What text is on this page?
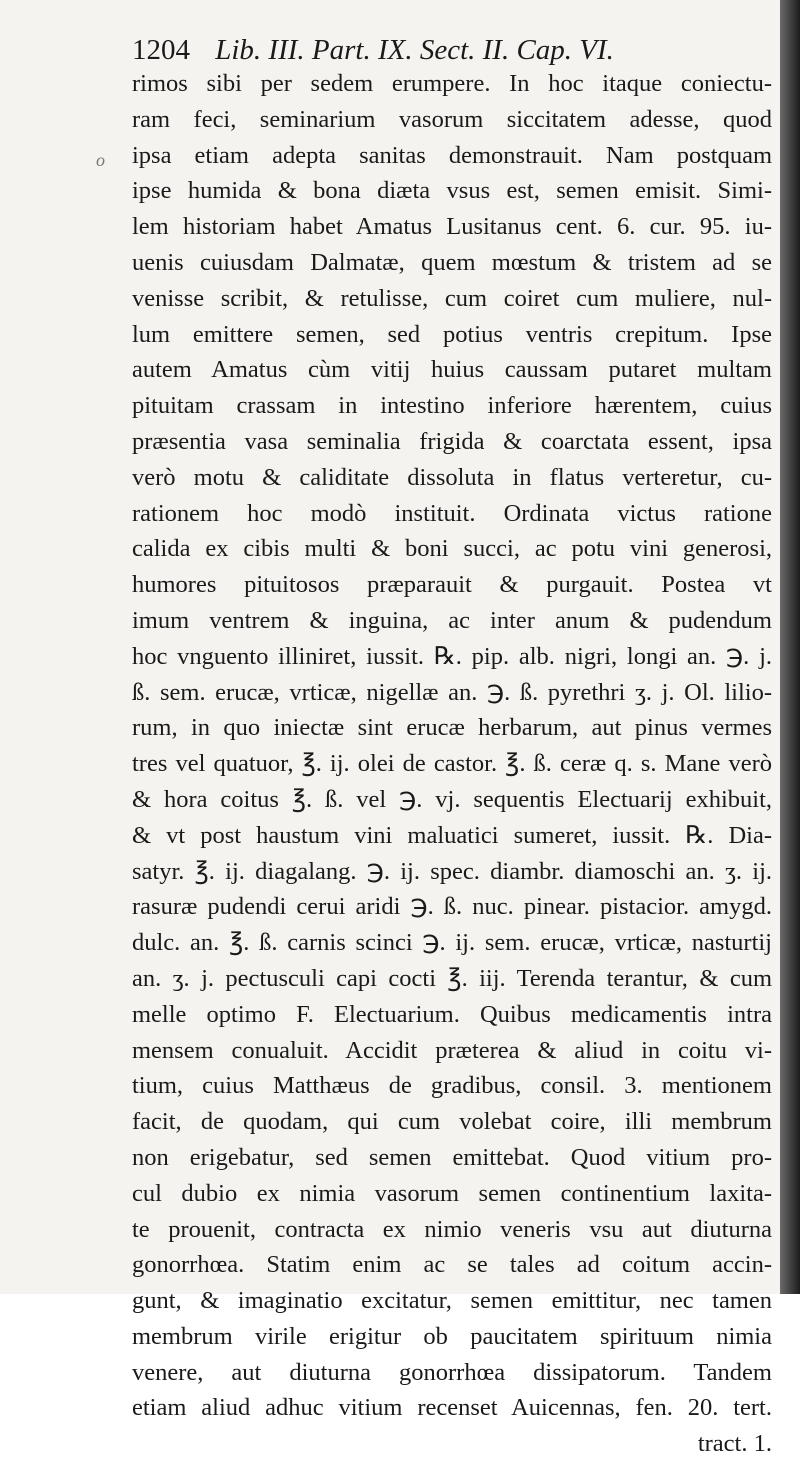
1204 Lib. III. Part. IX. Sect. II. Cap. VI.
o
rimos sibi per sedem erumpere. In hoc itaque coniectu-
ram feci, seminarium vasorum siccitatem adesse, quod
ipsa etiam adepta sanitas demonstrauit. Nam postquam
ipse humida & bona diæta vsus est, semen emisit. Simi-
lem historiam habet Amatus Lusitanus cent. 6. cur. 95. iu-
uenis cuiusdam Dalmatæ, quem mœstum & tristem ad se
venisse scribit, & retulisse, cum coiret cum muliere, nul-
lum emittere semen, sed potius ventris crepitum. Ipse
autem Amatus cùm vitij huius caussam putaret multam
pituitam crassam in intestino inferiore hærentem, cuius
præsentia vasa seminalia frigida & coarctata essent, ipsa
verò motu & caliditate dissoluta in flatus verteretur, cu-
rationem hoc modò instituit. Ordinata victus ratione
calida ex cibis multi & boni succi, ac potu vini generosi,
humores pituitosos præparauit & purgauit. Postea vt
imum ventrem & inguina, ac inter anum & pudendum
hoc vnguento illiniret, iussit. ℞. pip. alb. nigri, longi an. ℈. j.
ß. sem. erucæ, vrticæ, nigellæ an. ℈. ß. pyrethri ʒ. j. Ol. lilio-
rum, in quo iniectæ sint erucæ herbarum, aut pinus vermes
tres vel quatuor, ℥. ij. olei de castor. ℥. ß. ceræ q. s. Mane verò
& hora coitus ℥. ß. vel ℈. vj. sequentis Electuarij exhibuit,
& vt post haustum vini maluatici sumeret, iussit. ℞. Dia-
satyr. ℥. ij. diagalang. ℈. ij. spec. diambr. diamoschi an. ʒ. ij.
rasuræ pudendi cerui aridi ℈. ß. nuc. pinear. pistacior. amygd.
dulc. an. ℥. ß. carnis scinci ℈. ij. sem. erucæ, vrticæ, nasturtij
an. ʒ. j. pectusculi capi cocti ℥. iij. Terenda terantur, & cum
melle optimo F. Electuarium. Quibus medicamentis intra
mensem conualuit. Accidit præterea & aliud in coitu vi-
tium, cuius Matthæus de gradibus, consil. 3. mentionem
facit, de quodam, qui cum volebat coire, illi membrum
non erigebatur, sed semen emittebat. Quod vitium pro-
cul dubio ex nimia vasorum semen continentium laxita-
te prouenit, contracta ex nimio veneris vsu aut diuturna
gonorrhœa. Statim enim ac se tales ad coitum accin-
gunt, & imaginatio excitatur, semen emittitur, nec tamen
membrum virile erigitur ob paucitatem spirituum nimia
venere, aut diuturna gonorrhœa dissipatorum. Tandem
etiam aliud adhuc vitium recenset Auicennas, fen. 20. tert.
tract. 1.
